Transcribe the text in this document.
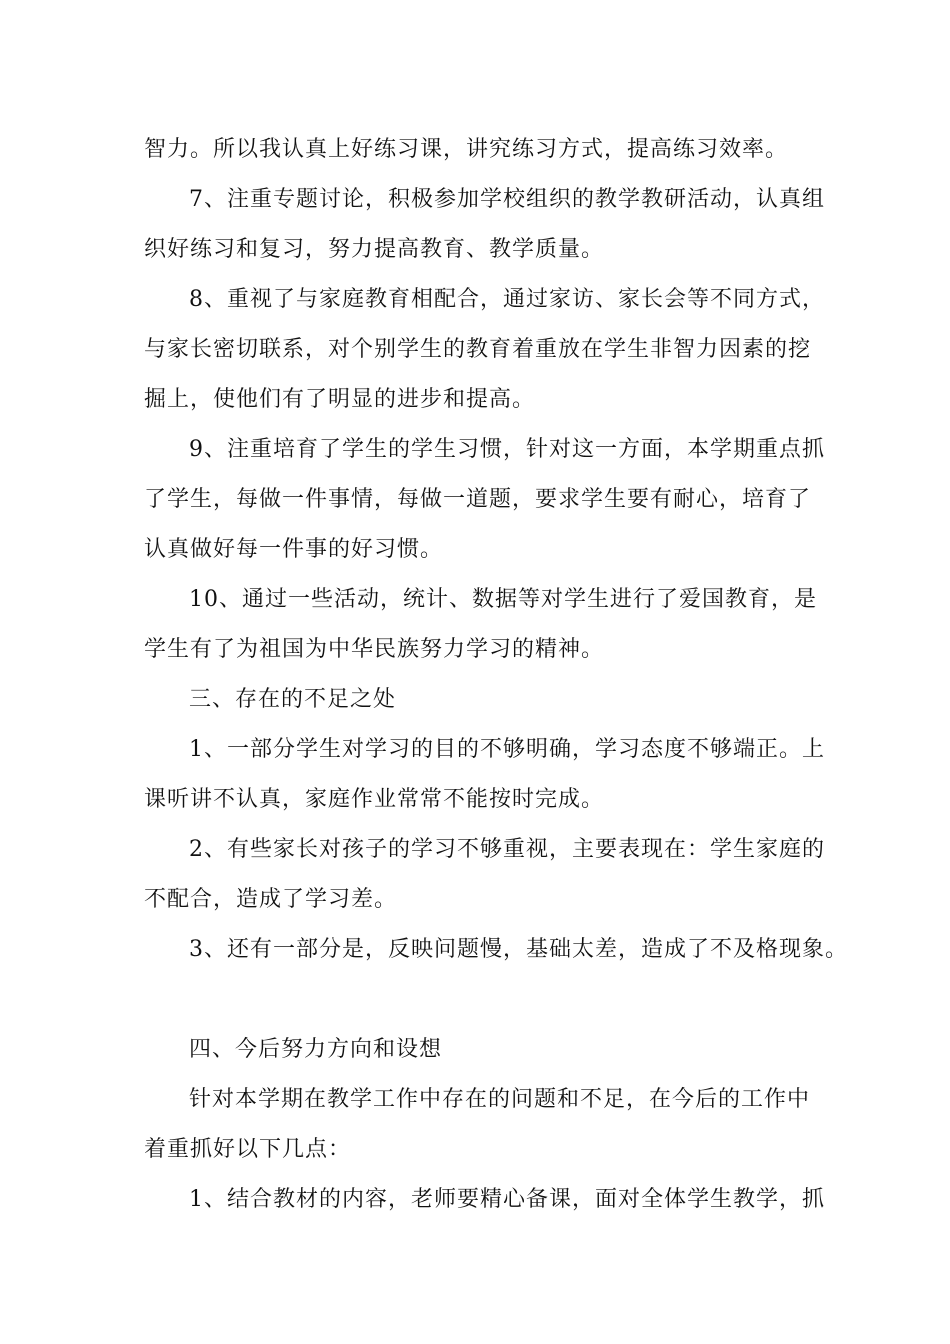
智力。所以我认真上好练习课，讲究练习方式，提高练习效率。
7、注重专题讨论，积极参加学校组织的教学教研活动，认真组
织好练习和复习，努力提高教育、教学质量。
8、重视了与家庭教育相配合，通过家访、家长会等不同方式，
与家长密切联系，对个别学生的教育着重放在学生非智力因素的挖
掘上，使他们有了明显的进步和提高。
9、注重培育了学生的学生习惯，针对这一方面，本学期重点抓
了学生，每做一件事情，每做一道题，要求学生要有耐心，培育了
认真做好每一件事的好习惯。
10、通过一些活动，统计、数据等对学生进行了爱国教育，是
学生有了为祖国为中华民族努力学习的精神。
三、存在的不足之处
1、一部分学生对学习的目的不够明确，学习态度不够端正。上
课听讲不认真，家庭作业常常不能按时完成。
2、有些家长对孩子的学习不够重视，主要表现在：学生家庭的
不配合，造成了学习差。
3、还有一部分是，反映问题慢，基础太差，造成了不及格现象。
四、今后努力方向和设想
针对本学期在教学工作中存在的问题和不足，在今后的工作中
着重抓好以下几点：
1、结合教材的内容，老师要精心备课，面对全体学生教学，抓
